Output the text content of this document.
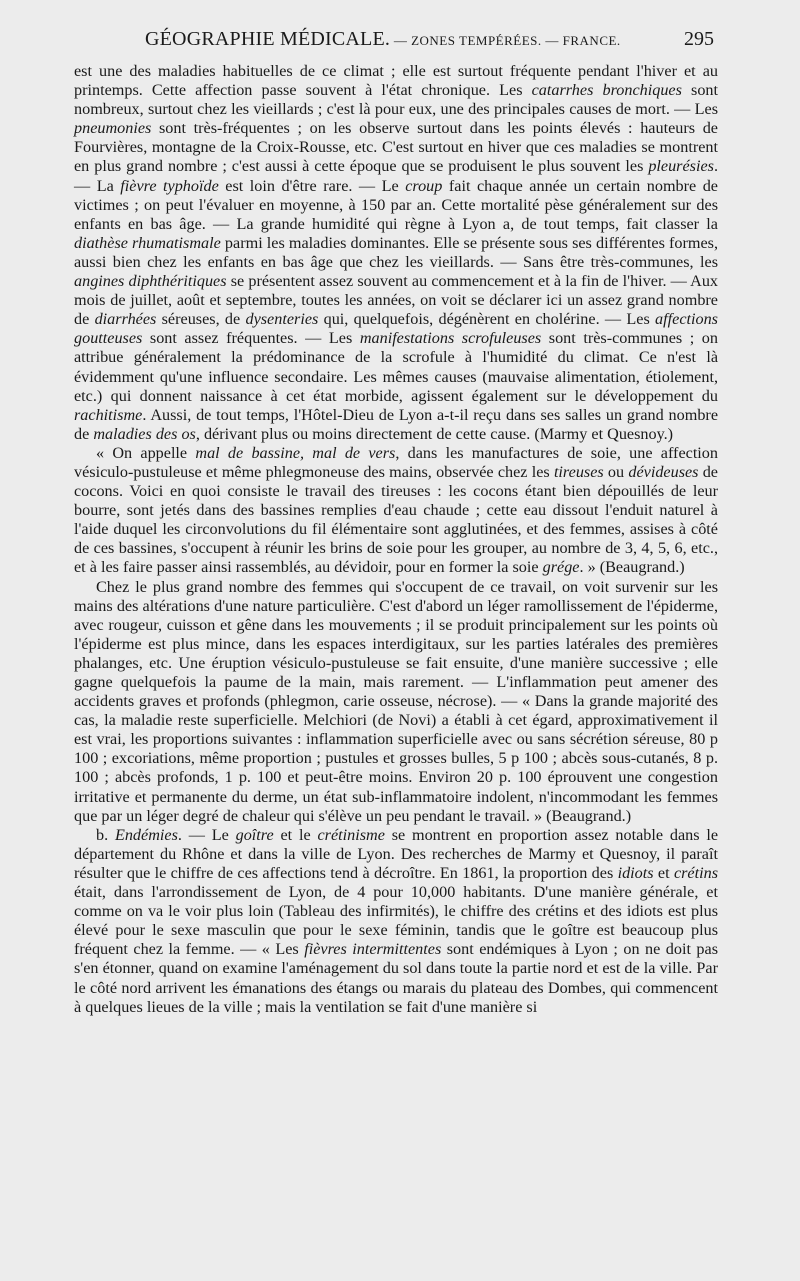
GÉOGRAPHIE MÉDICALE. — ZONES TEMPÉRÉES. — FRANCE.	295

est une des maladies habituelles de ce climat ; elle est surtout fréquente pendant l'hiver et au printemps. Cette affection passe souvent à l'état chronique. Les catarrhes bronchiques sont nombreux, surtout chez les vieillards ; c'est là pour eux, une des principales causes de mort. — Les pneumonies sont très-fréquentes ; on les observe surtout dans les points élevés : hauteurs de Fourvières, montagne de la Croix-Rousse, etc. C'est surtout en hiver que ces maladies se montrent en plus grand nombre ; c'est aussi à cette époque que se produisent le plus souvent les pleurésies. — La fièvre typhoïde est loin d'être rare. — Le croup fait chaque année un certain nombre de victimes ; on peut l'évaluer en moyenne, à 150 par an. Cette mortalité pèse généralement sur des enfants en bas âge. — La grande humidité qui règne à Lyon a, de tout temps, fait classer la diathèse rhumatismale parmi les maladies dominantes. Elle se présente sous ses différentes formes, aussi bien chez les enfants en bas âge que chez les vieillards. — Sans être très-communes, les angines diphthéritiques se présentent assez souvent au commencement et à la fin de l'hiver. — Aux mois de juillet, août et septembre, toutes les années, on voit se déclarer ici un assez grand nombre de diarrhées séreuses, de dysenteries qui, quelquefois, dégénèrent en cholérine. — Les affections goutteuses sont assez fréquentes. — Les manifestations scrofuleuses sont très-communes ; on attribue généralement la prédominance de la scrofule à l'humidité du climat. Ce n'est là évidemment qu'une influence secondaire. Les mêmes causes (mauvaise alimentation, étiolement, etc.) qui donnent naissance à cet état morbide, agissent également sur le développement du rachitisme. Aussi, de tout temps, l'Hôtel-Dieu de Lyon a-t-il reçu dans ses salles un grand nombre de maladies des os, dérivant plus ou moins directement de cette cause. (Marmy et Quesnoy.)

« On appelle mal de bassine, mal de vers, dans les manufactures de soie, une affection vésiculo-pustuleuse et même phlegmoneuse des mains, observée chez les tireuses ou dévideuses de cocons. Voici en quoi consiste le travail des tireuses : les cocons étant bien dépouillés de leur bourre, sont jetés dans des bassines remplies d'eau chaude ; cette eau dissout l'enduit naturel à l'aide duquel les circonvolutions du fil élémentaire sont agglutinées, et des femmes, assises à côté de ces bassines, s'occupent à réunir les brins de soie pour les grouper, au nombre de 3, 4, 5, 6, etc., et à les faire passer ainsi rassemblés, au dévidoir, pour en former la soie grége. » (Beaugrand.)

Chez le plus grand nombre des femmes qui s'occupent de ce travail, on voit survenir sur les mains des altérations d'une nature particulière. C'est d'abord un léger ramollissement de l'épiderme, avec rougeur, cuisson et gêne dans les mouvements ; il se produit principalement sur les points où l'épiderme est plus mince, dans les espaces interdigitaux, sur les parties latérales des premières phalanges, etc. Une éruption vésiculo-pustuleuse se fait ensuite, d'une manière successive ; elle gagne quelquefois la paume de la main, mais rarement. — L'inflammation peut amener des accidents graves et profonds (phlegmon, carie osseuse, nécrose). — « Dans la grande majorité des cas, la maladie reste superficielle. Melchiori (de Novi) a établi à cet égard, approximativement il est vrai, les proportions suivantes : inflammation superficielle avec ou sans sécrétion séreuse, 80 p 100 ; excoriations, même proportion ; pustules et grosses bulles, 5 p 100 ; abcès sous-cutanés, 8 p. 100 ; abcès profonds, 1 p. 100 et peut-être moins. Environ 20 p. 100 éprouvent une congestion irritative et permanente du derme, un état sub-inflammatoire indolent, n'incommodant les femmes que par un léger degré de chaleur qui s'élève un peu pendant le travail. » (Beaugrand.)

b. Endémies. — Le goître et le crétinisme se montrent en proportion assez notable dans le département du Rhône et dans la ville de Lyon. Des recherches de Marmy et Quesnoy, il paraît résulter que le chiffre de ces affections tend à décroître. En 1861, la proportion des idiots et crétins était, dans l'arrondissement de Lyon, de 4 pour 10,000 habitants. D'une manière générale, et comme on va le voir plus loin (Tableau des infirmités), le chiffre des crétins et des idiots est plus élevé pour le sexe masculin que pour le sexe féminin, tandis que le goître est beaucoup plus fréquent chez la femme. — « Les fièvres intermittentes sont endémiques à Lyon ; on ne doit pas s'en étonner, quand on examine l'aménagement du sol dans toute la partie nord et est de la ville. Par le côté nord arrivent les émanations des étangs ou marais du plateau des Dombes, qui commencent à quelques lieues de la ville ; mais la ventilation se fait d'une manière si
